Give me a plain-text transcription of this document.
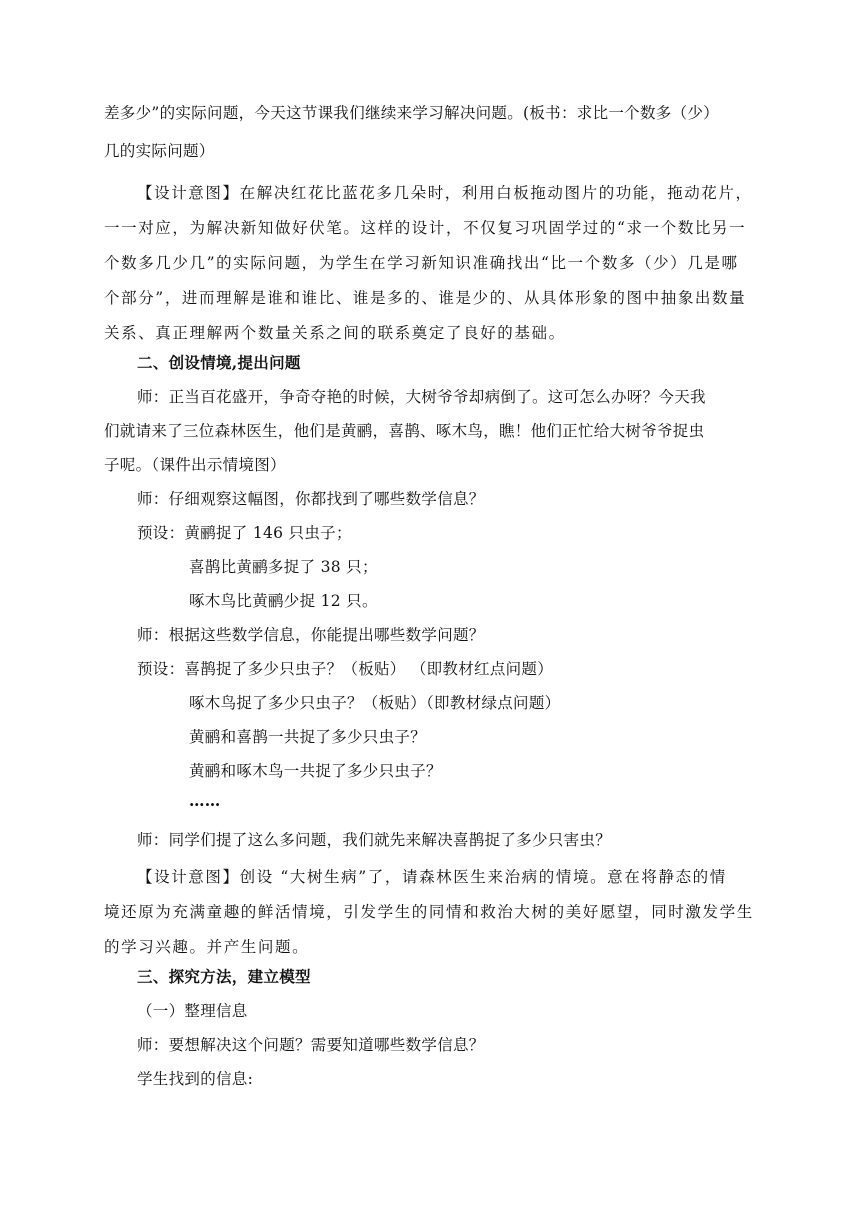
差多少”的实际问题，今天这节课我们继续来学习解决问题。(板书：求比一个数多（少）
几的实际问题）
【设计意图】在解决红花比蓝花多几朵时，利用白板拖动图片的功能，拖动花片，
一一对应，为解决新知做好伏笔。这样的设计，不仅复习巩固学过的“求一个数比另一
个数多几少几”的实际问题，为学生在学习新知识准确找出“比一个数多（少）几是哪
个部分”，进而理解是谁和谁比、谁是多的、谁是少的、从具体形象的图中抽象出数量
关系、真正理解两个数量关系之间的联系奠定了良好的基础。
二、创设情境,提出问题
师：正当百花盛开，争奇夺艳的时候，大树爷爷却病倒了。这可怎么办呀？今天我
们就请来了三位森林医生，他们是黄鹂，喜鹊、啄木鸟，瞧！他们正忙给大树爷爷捉虫
子呢。（课件出示情境图）
师：仔细观察这幅图，你都找到了哪些数学信息？
预设：黄鹂捉了 146 只虫子；
喜鹊比黄鹂多捉了 38 只；
啄木鸟比黄鹂少捉 12 只。
师：根据这些数学信息，你能提出哪些数学问题？
预设：喜鹊捉了多少只虫子？（板贴） （即教材红点问题）
啄木鸟捉了多少只虫子？（板贴）（即教材绿点问题）
黄鹂和喜鹊一共捉了多少只虫子？
黄鹂和啄木鸟一共捉了多少只虫子？
……
师：同学们提了这么多问题，我们就先来解决喜鹊捉了多少只害虫？
【设计意图】创设 “大树生病”了，请森林医生来治病的情境。意在将静态的情
境还原为充满童趣的鲜活情境，引发学生的同情和救治大树的美好愿望，同时激发学生
的学习兴趣。并产生问题。
三、探究方法，建立模型
（一）整理信息
师：要想解决这个问题？需要知道哪些数学信息？
学生找到的信息:
